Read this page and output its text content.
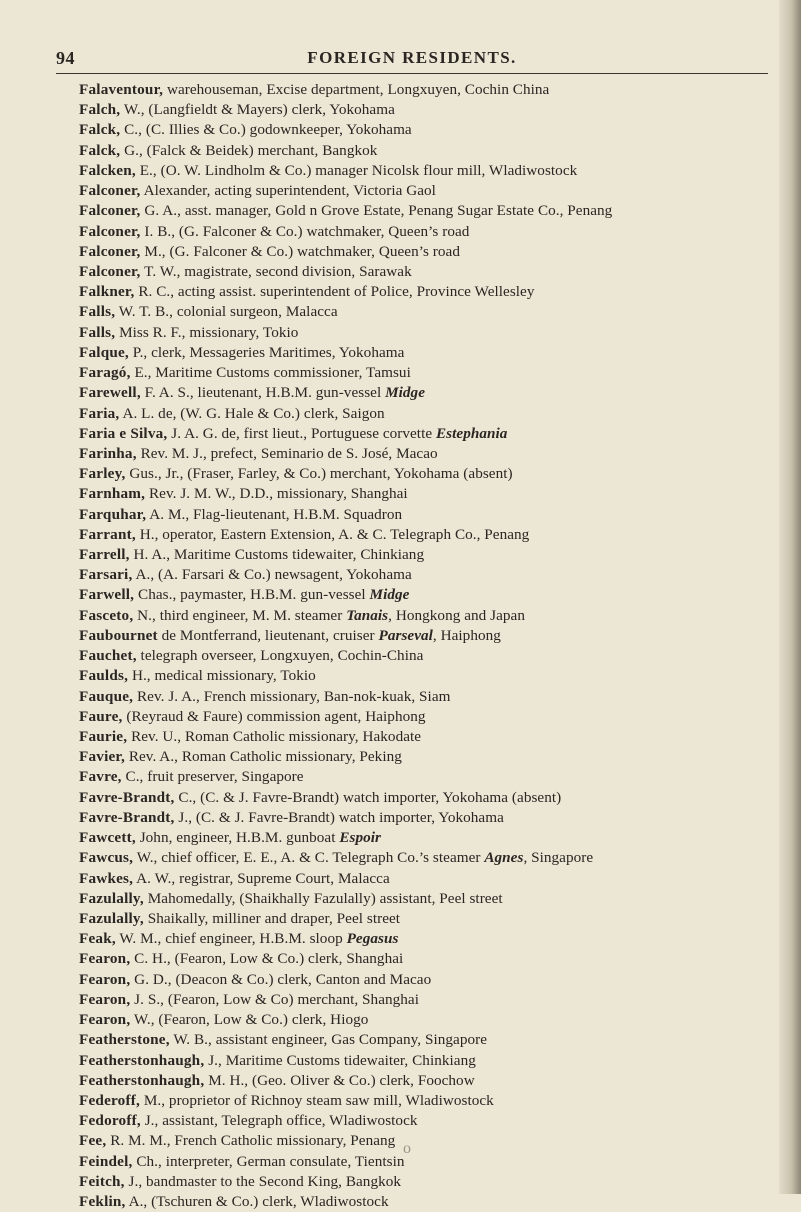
94	FOREIGN RESIDENTS.
Falaventour, warehouseman, Excise department, Longxuyen, Cochin China
Falch, W., (Langfieldt & Mayers) clerk, Yokohama
Falck, C., (C. Illies & Co.) godownkeeper, Yokohama
Falck, G., (Falck & Beidek) merchant, Bangkok
Falcken, E., (O. W. Lindholm & Co.) manager Nicolsk flour mill, Wladiwostock
Falconer, Alexander, acting superintendent, Victoria Gaol
Falconer, G. A., asst. manager, Gold n Grove Estate, Penang Sugar Estate Co., Penang
Falconer, I. B., (G. Falconer & Co.) watchmaker, Queen’s road
Falconer, M., (G. Falconer & Co.) watchmaker, Queen’s road
Falconer, T. W., magistrate, second division, Sarawak
Falkner, R. C., acting assist. superintendent of Police, Province Wellesley
Falls, W. T. B., colonial surgeon, Malacca
Falls, Miss R. F., missionary, Tokio
Falque, P., clerk, Messageries Maritimes, Yokohama
Faragó, E., Maritime Customs commissioner, Tamsui
Farewell, F. A. S., lieutenant, H.B.M. gun-vessel Midge
Faria, A. L. de, (W. G. Hale & Co.) clerk, Saigon
Faria e Silva, J. A. G. de, first lieut., Portuguese corvette Estephania
Farinha, Rev. M. J., prefect, Seminario de S. José, Macao
Farley, Gus., Jr., (Fraser, Farley, & Co.) merchant, Yokohama (absent)
Farnham, Rev. J. M. W., D.D., missionary, Shanghai
Farquhar, A. M., Flag-lieutenant, H.B.M. Squadron
Farrant, H., operator, Eastern Extension, A. & C. Telegraph Co., Penang
Farrell, H. A., Maritime Customs tidewaiter, Chinkiang
Farsari, A., (A. Farsari & Co.) newsagent, Yokohama
Farwell, Chas., paymaster, H.B.M. gun-vessel Midge
Fasceto, N., third engineer, M. M. steamer Tanais, Hongkong and Japan
Faubournet de Montferrand, lieutenant, cruiser Parseval, Haiphong
Fauchet, telegraph overseer, Longxuyen, Cochin-China
Faulds, H., medical missionary, Tokio
Fauque, Rev. J. A., French missionary, Ban-nok-kuak, Siam
Faure, (Reyraud & Faure) commission agent, Haiphong
Faurie, Rev. U., Roman Catholic missionary, Hakodate
Favier, Rev. A., Roman Catholic missionary, Peking
Favre, C., fruit preserver, Singapore
Favre-Brandt, C., (C. & J. Favre-Brandt) watch importer, Yokohama (absent)
Favre-Brandt, J., (C. & J. Favre-Brandt) watch importer, Yokohama
Fawcett, John, engineer, H.B.M. gunboat Espoir
Fawcus, W., chief officer, E. E., A. & C. Telegraph Co.’s steamer Agnes, Singapore
Fawkes, A. W., registrar, Supreme Court, Malacca
Fazulally, Mahomedally, (Shaikhally Fazulally) assistant, Peel street
Fazulally, Shaikally, milliner and draper, Peel street
Feak, W. M., chief engineer, H.B.M. sloop Pegasus
Fearon, C. H., (Fearon, Low & Co.) clerk, Shanghai
Fearon, G. D., (Deacon & Co.) clerk, Canton and Macao
Fearon, J. S., (Fearon, Low & Co) merchant, Shanghai
Fearon, W., (Fearon, Low & Co.) clerk, Hiogo
Featherstone, W. B., assistant engineer, Gas Company, Singapore
Featherstonhaugh, J., Maritime Customs tidewaiter, Chinkiang
Featherstonhaugh, M. H., (Geo. Oliver & Co.) clerk, Foochow
Federoff, M., proprietor of Richnoy steam saw mill, Wladiwostock
Fedoroff, J., assistant, Telegraph office, Wladiwostock
Fee, R. M. M., French Catholic missionary, Penang
Feindel, Ch., interpreter, German consulate, Tientsin
Feitch, J., bandmaster to the Second King, Bangkok
Feklin, A., (Tschuren & Co.) clerk, Wladiwostock
o
